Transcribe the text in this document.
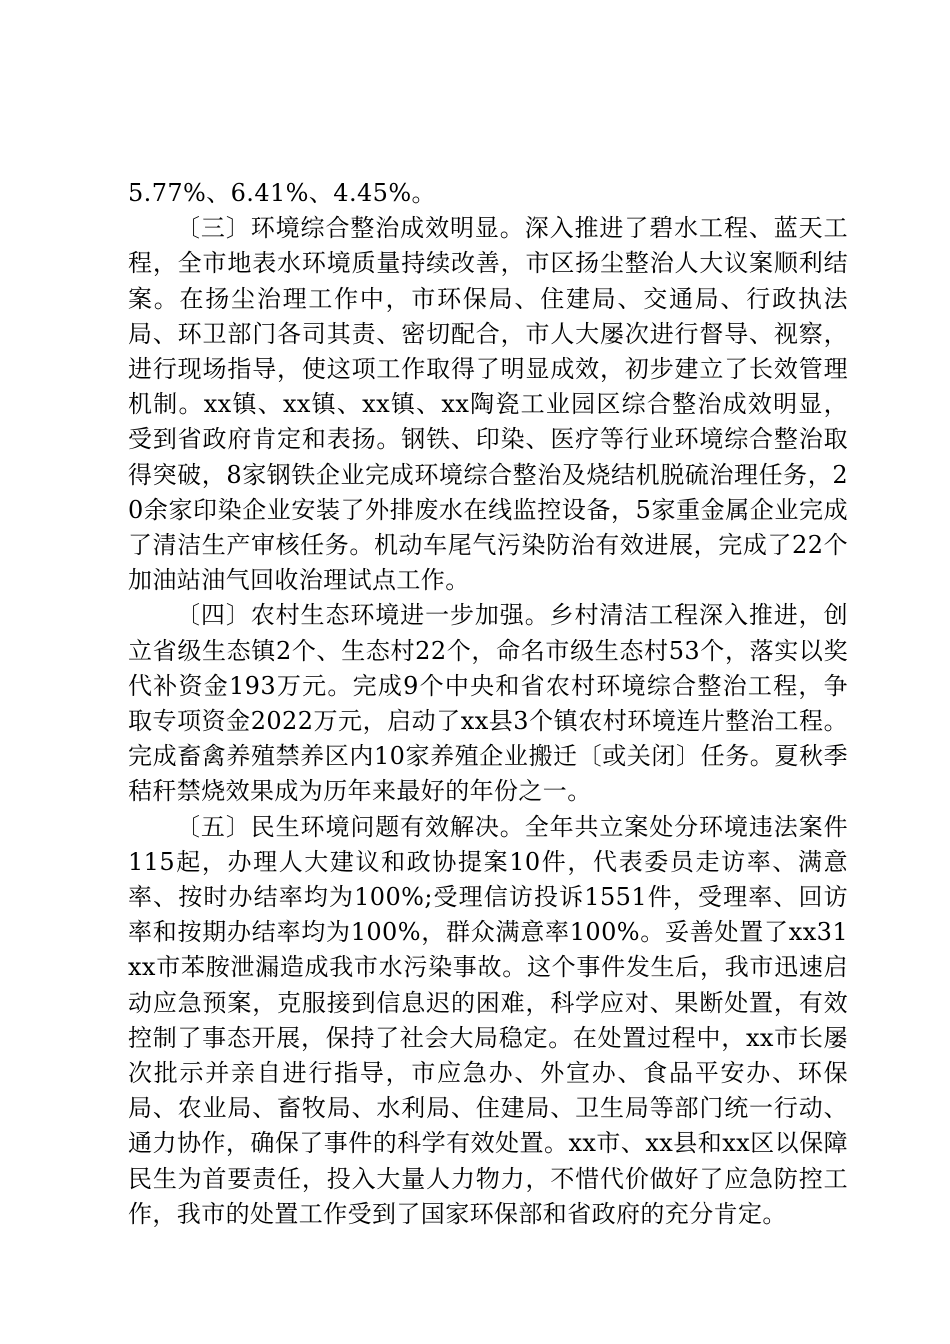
5.77%、6.41%、4.45%。

〔三〕环境综合整治成效明显。深入推进了碧水工程、蓝天工程，全市地表水环境质量持续改善，市区扬尘整治人大议案顺利结案。在扬尘治理工作中，市环保局、住建局、交通局、行政执法局、环卫部门各司其责、密切配合，市人大屡次进行督导、视察，进行现场指导，使这项工作取得了明显成效，初步建立了长效管理机制。xx镇、xx镇、xx镇、xx陶瓷工业园区综合整治成效明显，受到省政府肯定和表扬。钢铁、印染、医疗等行业环境综合整治取得突破，8家钢铁企业完成环境综合整治及烧结机脱硫治理任务，20余家印染企业安装了外排废水在线监控设备，5家重金属企业完成了清洁生产审核任务。机动车尾气污染防治有效进展，完成了22个加油站油气回收治理试点工作。

〔四〕农村生态环境进一步加强。乡村清洁工程深入推进，创立省级生态镇2个、生态村22个，命名市级生态村53个，落实以奖代补资金193万元。完成9个中央和省农村环境综合整治工程，争取专项资金2022万元，启动了xx县3个镇农村环境连片整治工程。完成畜禽养殖禁养区内10家养殖企业搬迁〔或关闭〕任务。夏秋季秸秆禁烧效果成为历年来最好的年份之一。

〔五〕民生环境问题有效解决。全年共立案处分环境违法案件115起，办理人大建议和政协提案10件，代表委员走访率、满意率、按时办结率均为100%;受理信访投诉1551件，受理率、回访率和按期办结率均为100%，群众满意率100%。妥善处置了xx31xx市苯胺泄漏造成我市水污染事故。这个事件发生后，我市迅速启动应急预案，克服接到信息迟的困难，科学应对、果断处置，有效控制了事态开展，保持了社会大局稳定。在处置过程中，xx市长屡次批示并亲自进行指导，市应急办、外宣办、食品平安办、环保局、农业局、畜牧局、水利局、住建局、卫生局等部门统一行动、通力协作，确保了事件的科学有效处置。xx市、xx县和xx区以保障民生为首要责任，投入大量人力物力，不惜代价做好了应急防控工作，我市的处置工作受到了国家环保部和省政府的充分肯定。
